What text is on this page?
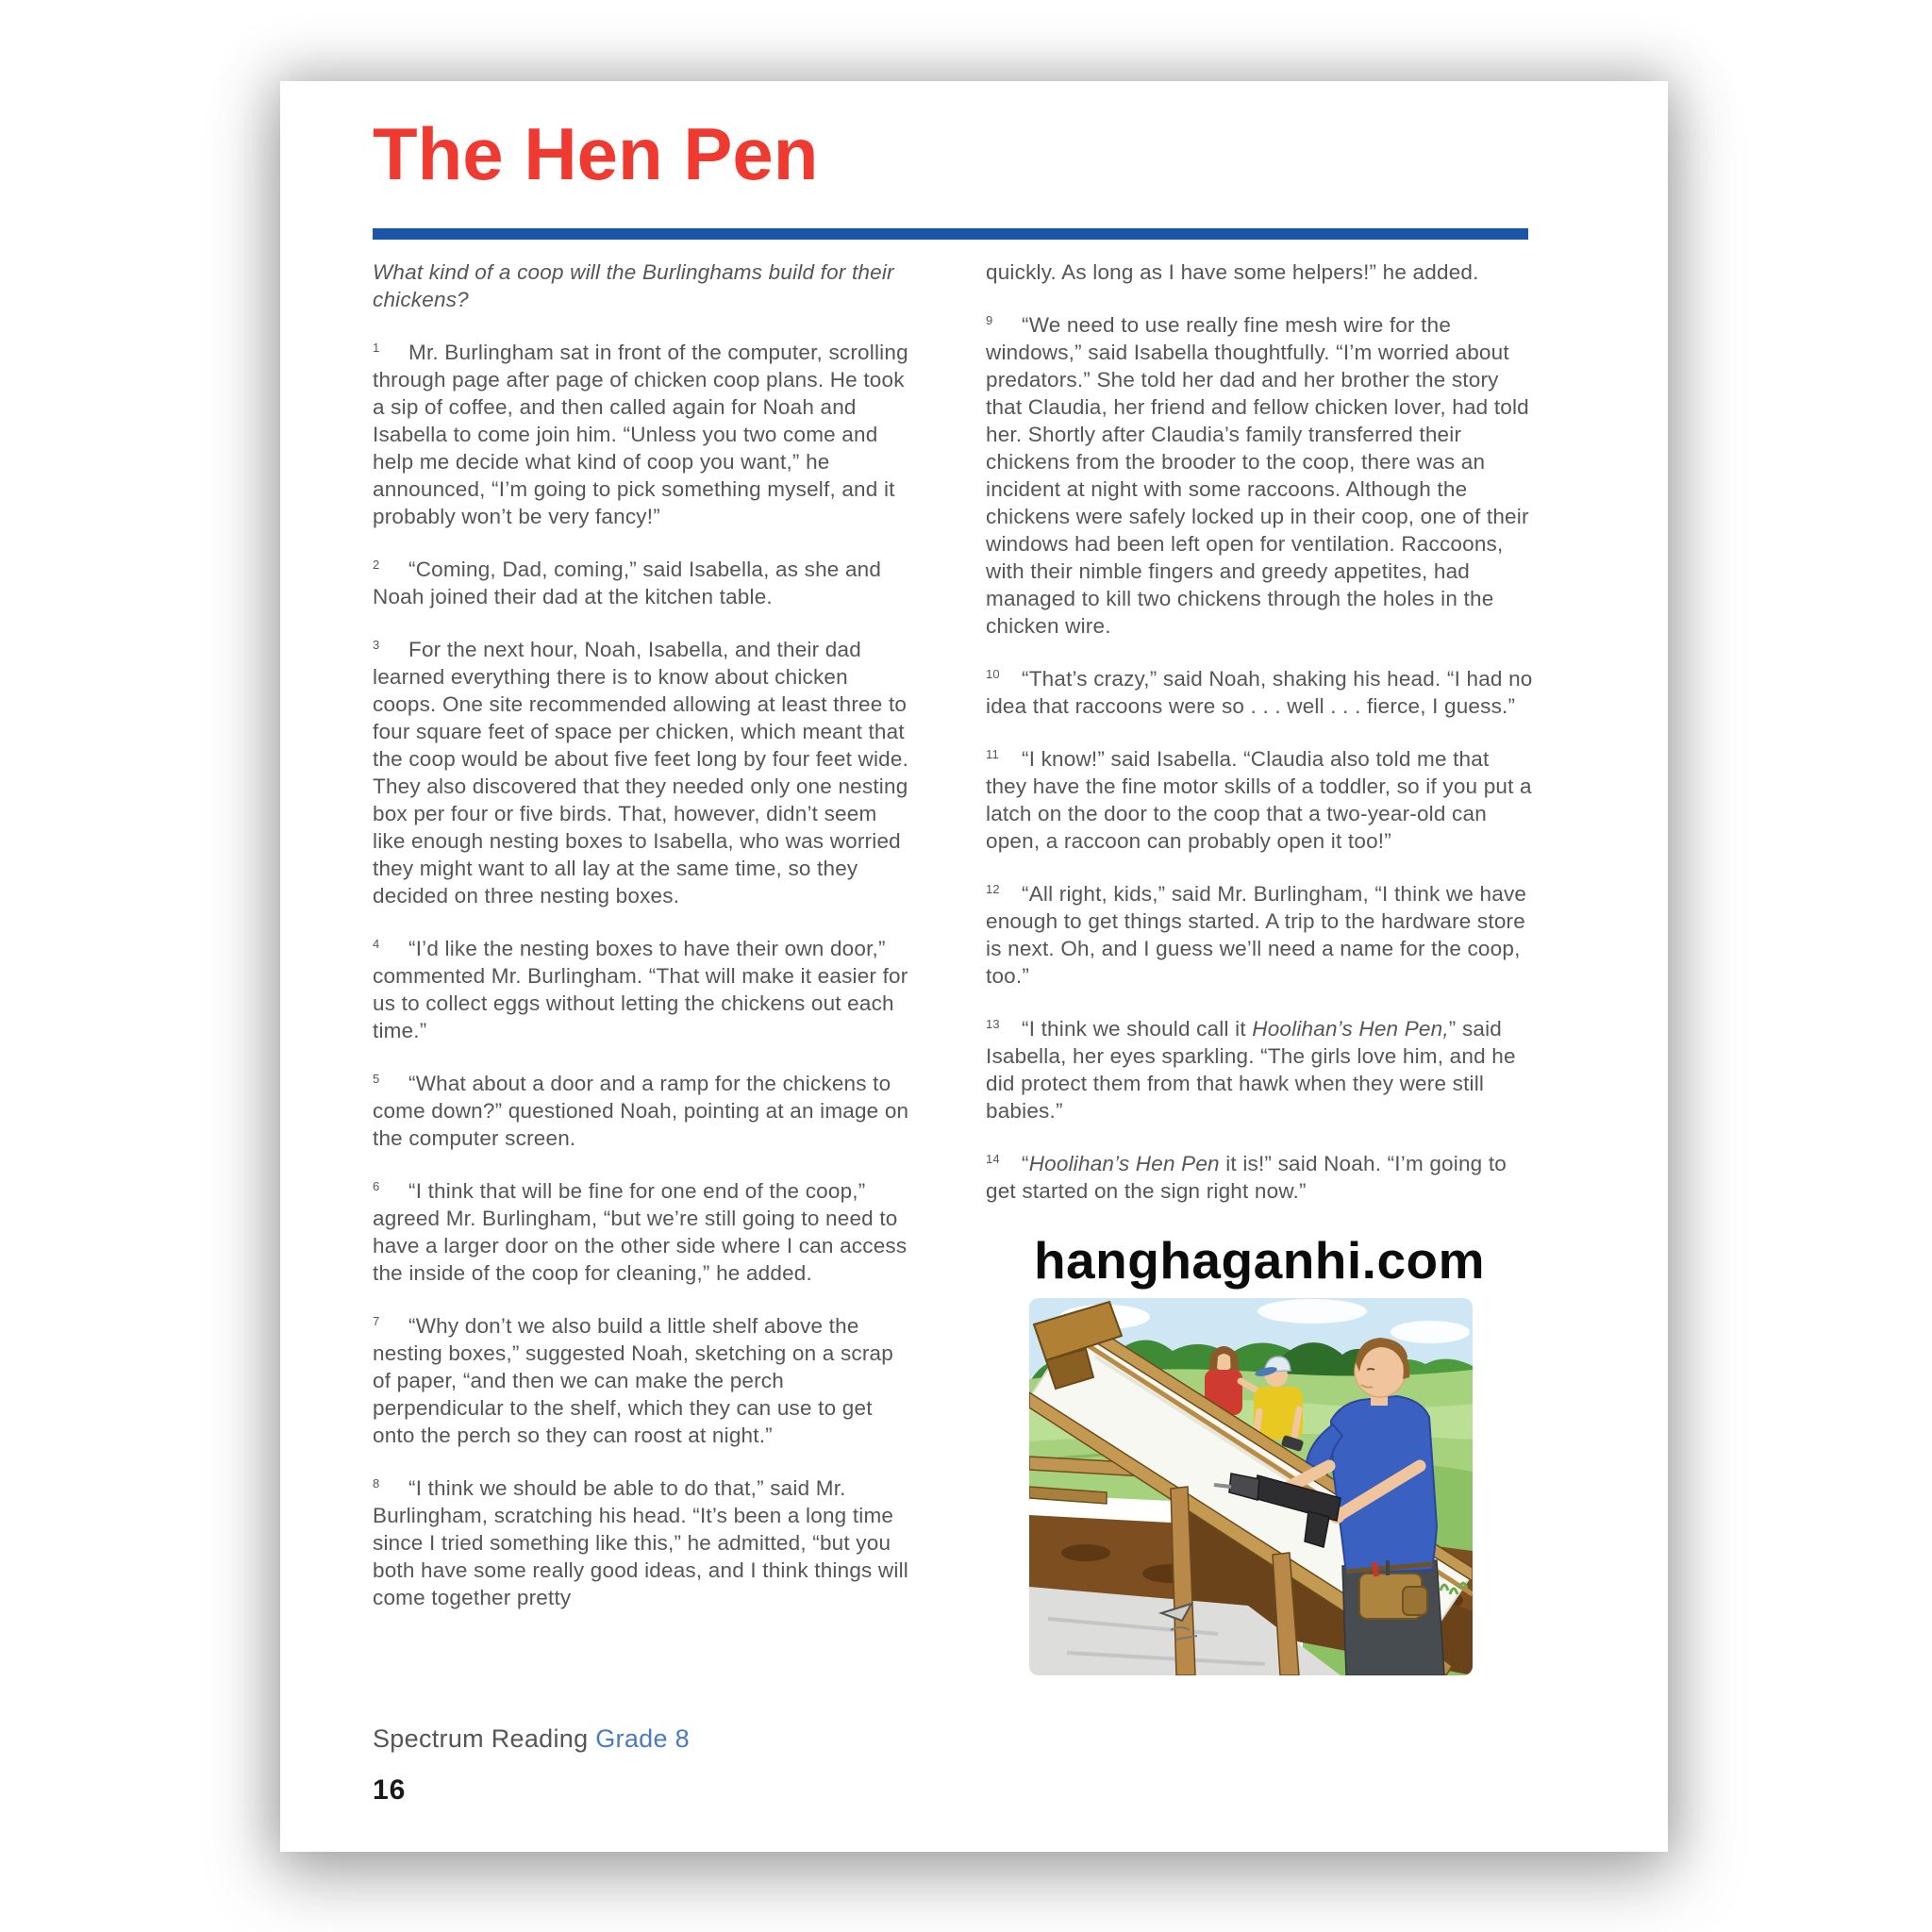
The Hen Pen

What kind of a coop will the Burlinghams build for their chickens?

$^1$ Mr. Burlingham sat in front of the computer, scrolling through page after page of chicken coop plans. He took a sip of coffee, and then called again for Noah and Isabella to come join him. “Unless you two come and help me decide what kind of coop you want,” he announced, “I’m going to pick something myself, and it probably won’t be very fancy!”

$^2$ “Coming, Dad, coming,” said Isabella, as she and Noah joined their dad at the kitchen table.

$^3$ For the next hour, Noah, Isabella, and their dad learned everything there is to know about chicken coops. One site recommended allowing at least three to four square feet of space per chicken, which meant that the coop would be about five feet long by four feet wide. They also discovered that they needed only one nesting box per four or five birds. That, however, didn’t seem like enough nesting boxes to Isabella, who was worried they might want to all lay at the same time, so they decided on three nesting boxes.

$^4$ “I’d like the nesting boxes to have their own door,” commented Mr. Burlingham. “That will make it easier for us to collect eggs without letting the chickens out each time.”

$^5$ “What about a door and a ramp for the chickens to come down?” questioned Noah, pointing at an image on the computer screen.

$^6$ “I think that will be fine for one end of the coop,” agreed Mr. Burlingham, “but we’re still going to need to have a larger door on the other side where I can access the inside of the coop for cleaning,” he added.

$^7$ “Why don’t we also build a little shelf above the nesting boxes,” suggested Noah, sketching on a scrap of paper, “and then we can make the perch perpendicular to the shelf, which they can use to get onto the perch so they can roost at night.”

$^8$ “I think we should be able to do that,” said Mr. Burlingham, scratching his head. “It’s been a long time since I tried something like this,” he admitted, “but you both have some really good ideas, and I think things will come together pretty

quickly. As long as I have some helpers!” he added.

$^9$ “We need to use really fine mesh wire for the windows,” said Isabella thoughtfully. “I’m worried about predators.” She told her dad and her brother the story that Claudia, her friend and fellow chicken lover, had told her. Shortly after Claudia’s family transferred their chickens from the brooder to the coop, there was an incident at night with some raccoons. Although the chickens were safely locked up in their coop, one of their windows had been left open for ventilation. Raccoons, with their nimble fingers and greedy appetites, had managed to kill two chickens through the holes in the chicken wire.

$^{10}$ “That’s crazy,” said Noah, shaking his head. “I had no idea that raccoons were so . . . well . . . fierce, I guess.”

$^{11}$ “I know!” said Isabella. “Claudia also told me that they have the fine motor skills of a toddler, so if you put a latch on the door to the coop that a two-year-old can open, a raccoon can probably open it too!”

$^{12}$ “All right, kids,” said Mr. Burlingham, “I think we have enough to get things started. A trip to the hardware store is next. Oh, and I guess we’ll need a name for the coop, too.”

$^{13}$ “I think we should call it Hoolihan’s Hen Pen,” said Isabella, her eyes sparkling. “The girls love him, and he did protect them from that hawk when they were still babies.”

$^{14}$ “Hoolihan’s Hen Pen it is!” said Noah. “I’m going to get started on the sign right now.”

hanghaganhi.com

Spectrum Reading Grade 8

16
